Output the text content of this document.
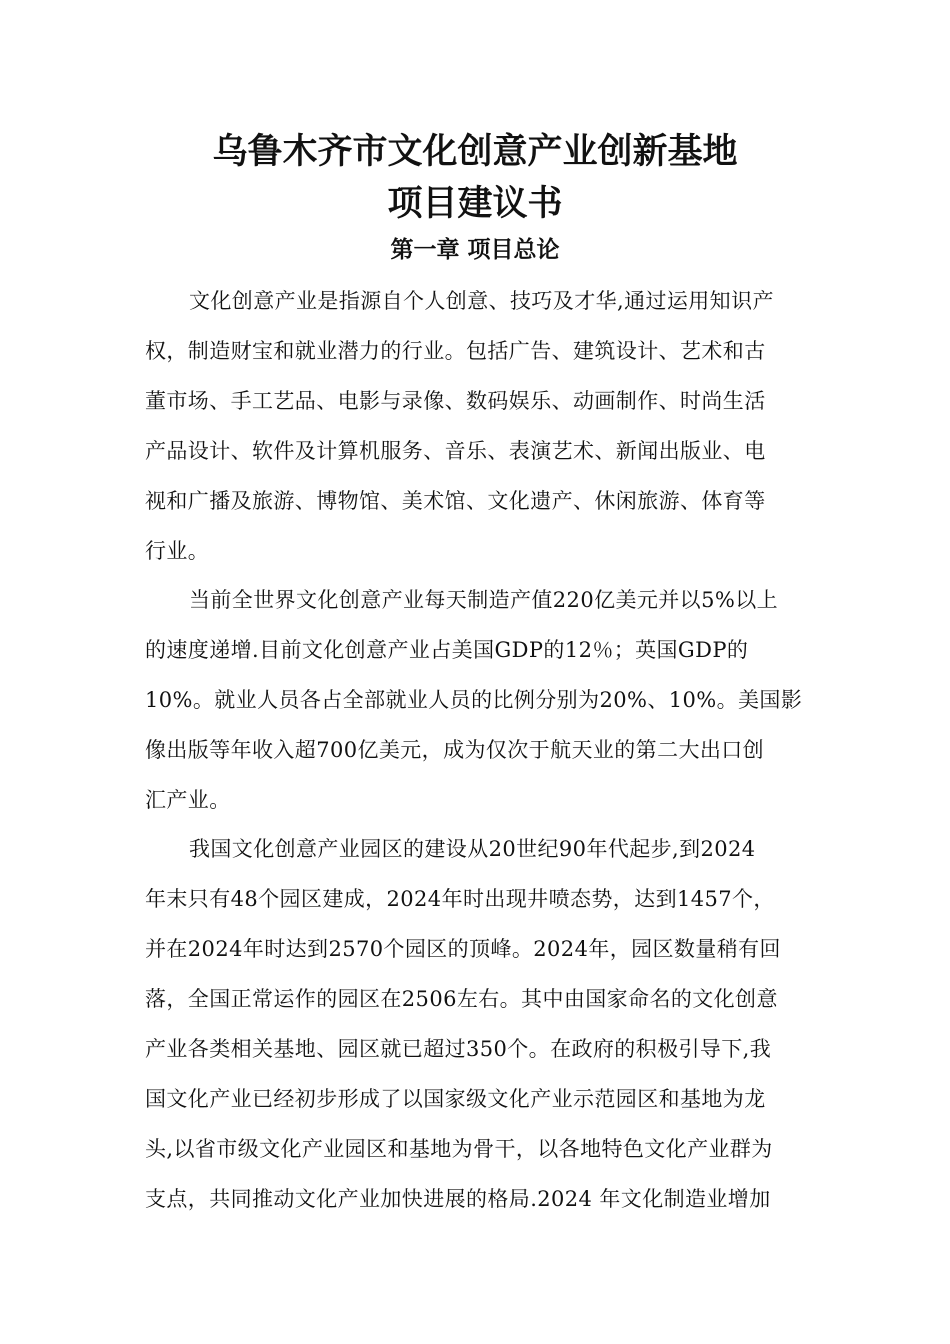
乌鲁木齐市文化创意产业创新基地
项目建议书
第一章 项目总论
文化创意产业是指源自个人创意、技巧及才华,通过运用知识产
权，制造财宝和就业潜力的行业。包括广告、建筑设计、艺术和古
董市场、手工艺品、电影与录像、数码娱乐、动画制作、时尚生活
产品设计、软件及计算机服务、音乐、表演艺术、新闻出版业、电
视和广播及旅游、博物馆、美术馆、文化遗产、休闲旅游、体育等
行业。
当前全世界文化创意产业每天制造产值220亿美元并以5%以上
的速度递增.目前文化创意产业占美国GDP的12％；英国GDP的
10%。就业人员各占全部就业人员的比例分别为20%、10%。美国影
像出版等年收入超700亿美元，成为仅次于航天业的第二大出口创
汇产业。
我国文化创意产业园区的建设从20世纪90年代起步,到2024
年末只有48个园区建成，2024年时出现井喷态势，达到1457个，
并在2024年时达到2570个园区的顶峰。2024年，园区数量稍有回
落，全国正常运作的园区在2506左右。其中由国家命名的文化创意
产业各类相关基地、园区就已超过350个。在政府的积极引导下,我
国文化产业已经初步形成了以国家级文化产业示范园区和基地为龙
头,以省市级文化产业园区和基地为骨干，以各地特色文化产业群为
支点，共同推动文化产业加快进展的格局.2024 年文化制造业增加
